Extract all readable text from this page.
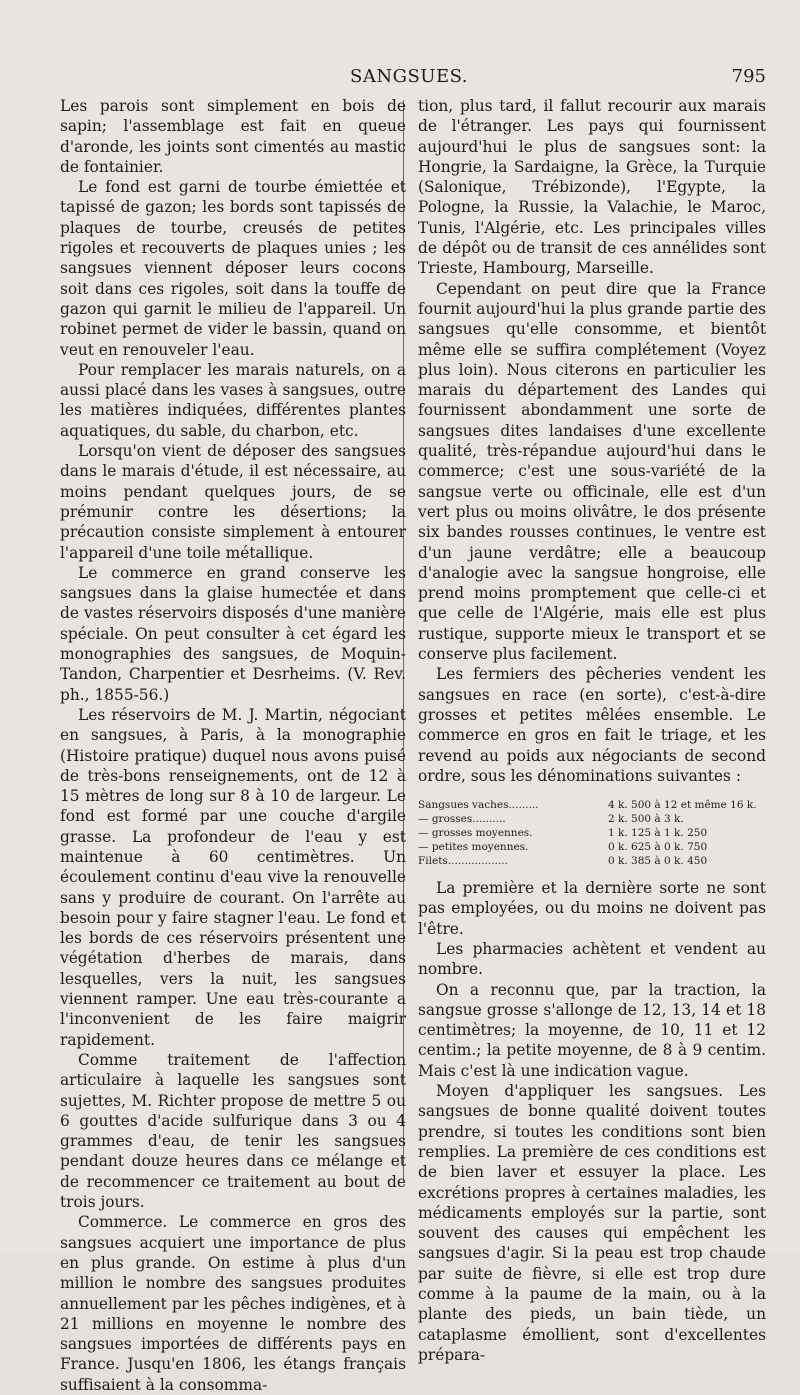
SANGSUES.	795

Les parois sont simplement en bois de sapin; l'assemblage est fait en queue d'aronde, les joints sont cimentés au mastic de fontainier.

Le fond est garni de tourbe émiettée et tapissé de gazon; les bords sont tapissés de plaques de tourbe, creusés de petites rigoles et recouverts de plaques unies ; les sangsues viennent déposer leurs cocons soit dans ces rigoles, soit dans la touffe de gazon qui garnit le milieu de l'appareil. Un robinet permet de vider le bassin, quand on veut en renouveler l'eau.

Pour remplacer les marais naturels, on a aussi placé dans les vases à sangsues, outre les matières indiquées, différentes plantes aquatiques, du sable, du charbon, etc.

Lorsqu'on vient de déposer des sangsues dans le marais d'étude, il est nécessaire, au moins pendant quelques jours, de se prémunir contre les désertions; la précaution consiste simplement à entourer l'appareil d'une toile métallique.

Le commerce en grand conserve les sangsues dans la glaise humectée et dans de vastes réservoirs disposés d'une manière spéciale. On peut consulter à cet égard les monographies des sangsues, de Moquin-Tandon, Charpentier et Desrheims. (V. Rev. ph., 1855-56.)

Les réservoirs de M. J. Martin, négociant en sangsues, à Paris, à la monographie (Histoire pratique) duquel nous avons puisé de très-bons renseignements, ont de 12 à 15 mètres de long sur 8 à 10 de largeur. Le fond est formé par une couche d'argile grasse. La profondeur de l'eau y est maintenue à 60 centimètres. Un écoulement continu d'eau vive la renouvelle sans y produire de courant. On l'arrête au besoin pour y faire stagner l'eau. Le fond et les bords de ces réservoirs présentent une végétation d'herbes de marais, dans lesquelles, vers la nuit, les sangsues viennent ramper. Une eau très-courante a l'inconvenient de les faire maigrir rapidement.

Comme traitement de l'affection articulaire à laquelle les sangsues sont sujettes, M. Richter propose de mettre 5 ou 6 gouttes d'acide sulfurique dans 3 ou 4 grammes d'eau, de tenir les sangsues pendant douze heures dans ce mélange et de recommencer ce traitement au bout de trois jours.

Commerce. Le commerce en gros des sangsues acquiert une importance de plus en plus grande. On estime à plus d'un million le nombre des sangsues produites annuellement par les pêches indigènes, et à 21 millions en moyenne le nombre des sangsues importées de différents pays en France. Jusqu'en 1806, les étangs français suffisaient à la consomma-

tion, plus tard, il fallut recourir aux marais de l'étranger. Les pays qui fournissent aujourd'hui le plus de sangsues sont: la Hongrie, la Sardaigne, la Grèce, la Turquie (Salonique, Trébizonde), l'Egypte, la Pologne, la Russie, la Valachie, le Maroc, Tunis, l'Algérie, etc. Les principales villes de dépôt ou de transit de ces annélides sont Trieste, Hambourg, Marseille.

Cependant on peut dire que la France fournit aujourd'hui la plus grande partie des sangsues qu'elle consomme, et bientôt même elle se suffira complétement (Voyez plus loin). Nous citerons en particulier les marais du département des Landes qui fournissent abondamment une sorte de sangsues dites landaises d'une excellente qualité, très-répandue aujourd'hui dans le commerce; c'est une sous-variété de la sangsue verte ou officinale, elle est d'un vert plus ou moins olivâtre, le dos présente six bandes rousses continues, le ventre est d'un jaune verdâtre; elle a beaucoup d'analogie avec la sangsue hongroise, elle prend moins promptement que celle-ci et que celle de l'Algérie, mais elle est plus rustique, supporte mieux le transport et se conserve plus facilement.

Les fermiers des pêcheries vendent les sangsues en race (en sorte), c'est-à-dire grosses et petites mêlées ensemble. Le commerce en gros en fait le triage, et les revend au poids aux négociants de second ordre, sous les dénominations suivantes :

Sangsues vaches.........	4 k. 500 à 12 et même 16 k.
— grosses..........	2 k. 500 à 3 k.
— grosses moyennes.	1 k. 125 à 1 k. 250
— petites moyennes.	0 k. 625 à 0 k. 750
Filets..................	0 k. 385 à 0 k. 450

La première et la dernière sorte ne sont pas employées, ou du moins ne doivent pas l'être.

Les pharmacies achètent et vendent au nombre.

On a reconnu que, par la traction, la sangsue grosse s'allonge de 12, 13, 14 et 18 centimètres; la moyenne, de 10, 11 et 12 centim.; la petite moyenne, de 8 à 9 centim. Mais c'est là une indication vague.

Moyen d'appliquer les sangsues. Les sangsues de bonne qualité doivent toutes prendre, si toutes les conditions sont bien remplies. La première de ces conditions est de bien laver et essuyer la place. Les excrétions propres à certaines maladies, les médicaments employés sur la partie, sont souvent des causes qui empêchent les sangsues d'agir. Si la peau est trop chaude par suite de fièvre, si elle est trop dure comme à la paume de la main, ou à la plante des pieds, un bain tiède, un cataplasme émollient, sont d'excellentes prépara-
